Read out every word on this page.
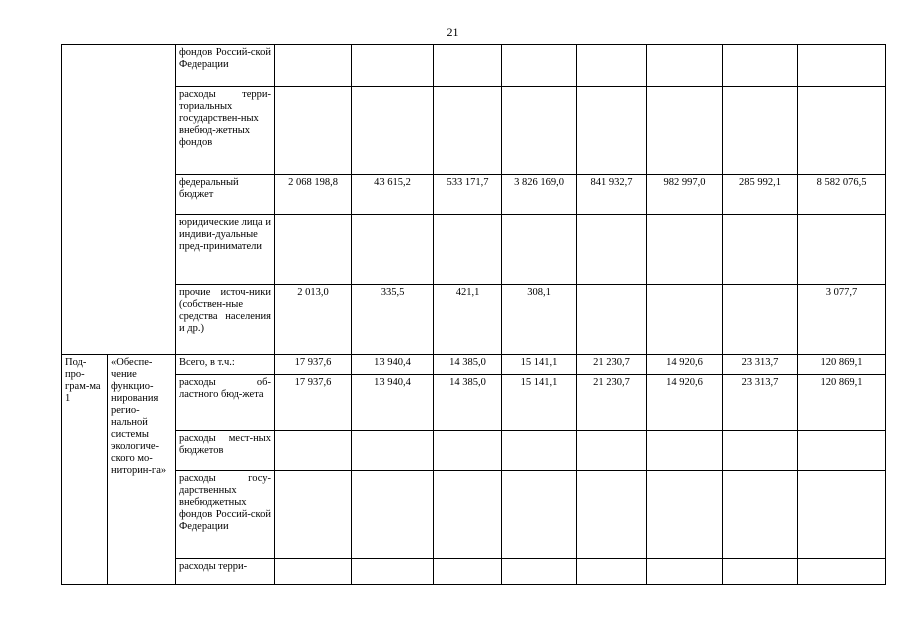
21
		фондов Россий-ской Федерации								
		расходы терри-ториальных государствен-ных внебюд-жетных фондов								
		федеральный бюджет	2 068 198,8	43 615,2	533 171,7	3 826 169,0	841 932,7	982 997,0	285 992,1	8 582 076,5
		юридические лица и индиви-дуальные пред-приниматели								
		прочие источ-ники (собствен-ные средства населения и др.)	2 013,0	335,5	421,1	308,1				3 077,7
Под-про-грам-ма 1	«Обеспе-чение функцио-нирования регио-нальной системы экологиче-ского мо-ниторин-га»	Всего, в т.ч.:	17 937,6	13 940,4	14 385,0	15 141,1	21 230,7	14 920,6	23 313,7	120 869,1
		расходы об-ластного бюд-жета	17 937,6	13 940,4	14 385,0	15 141,1	21 230,7	14 920,6	23 313,7	120 869,1
		расходы мест-ных бюджетов								
		расходы госу-дарственных внебюджетных фондов Россий-ской Федерации								
		расходы терри-								
